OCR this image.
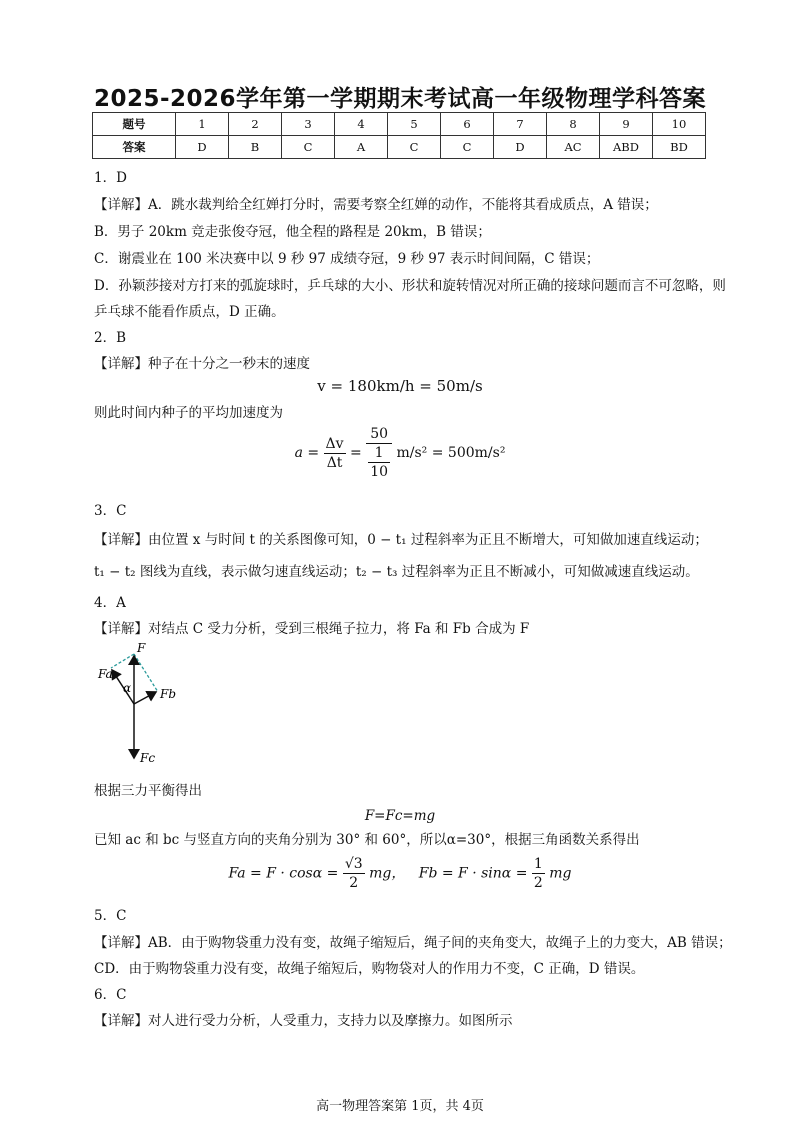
2025-2026学年第一学期期末考试高一年级物理学科答案
题号	1	2	3	4	5	6	7	8	9	10
答案	D	B	C	A	C	C	D	AC	ABD	BD
1．D
【详解】A．跳水裁判给全红婵打分时，需要考察全红婵的动作，不能将其看成质点，A 错误；
B．男子 20km 竞走张俊夺冠，他全程的路程是 20km，B 错误；
C．谢震业在 100 米决赛中以 9 秒 97 成绩夺冠，9 秒 97 表示时间间隔，C 错误；
D．孙颖莎接对方打来的弧旋球时，乒乓球的大小、形状和旋转情况对所正确的接球问题而言不可忽略，则
乒乓球不能看作质点，D 正确。
2．B
【详解】种子在十分之一秒末的速度
v = 180km/h = 50m/s
则此时间内种子的平均加速度为
$a = \frac{\Delta v}{\Delta t} = \frac{50}{\frac{1}{10}} m/s^2 = 500m/s^2$
3．C
【详解】由位置 x 与时间 t 的关系图像可知，0 − t₁ 过程斜率为正且不断增大，可知做加速直线运动；
t₁ − t₂ 图线为直线，表示做匀速直线运动；t₂ − t₃ 过程斜率为正且不断减小，可知做减速直线运动。
4．A
【详解】对结点 C 受力分析，受到三根绳子拉力，将 Fa 和 Fb 合成为 F
F
Fa
Fb
Fc
α
根据三力平衡得出
F=Fc=mg
已知 ac 和 bc 与竖直方向的夹角分别为 30° 和 60°，所以α=30°，根据三角函数关系得出
$Fa = F \cdot \cos\alpha = \frac{√3}{2}$ mg， $Fb = F \cdot \sin\alpha = \frac{1}{2}$ mg
5．C
【详解】AB．由于购物袋重力没有变，故绳子缩短后，绳子间的夹角变大，故绳子上的力变大，AB 错误；
CD．由于购物袋重力没有变，故绳子缩短后，购物袋对人的作用力不变，C 正确，D 错误。
6．C
【详解】对人进行受力分析，人受重力，支持力以及摩擦力。如图所示
高一物理答案第 1页，共 4页
